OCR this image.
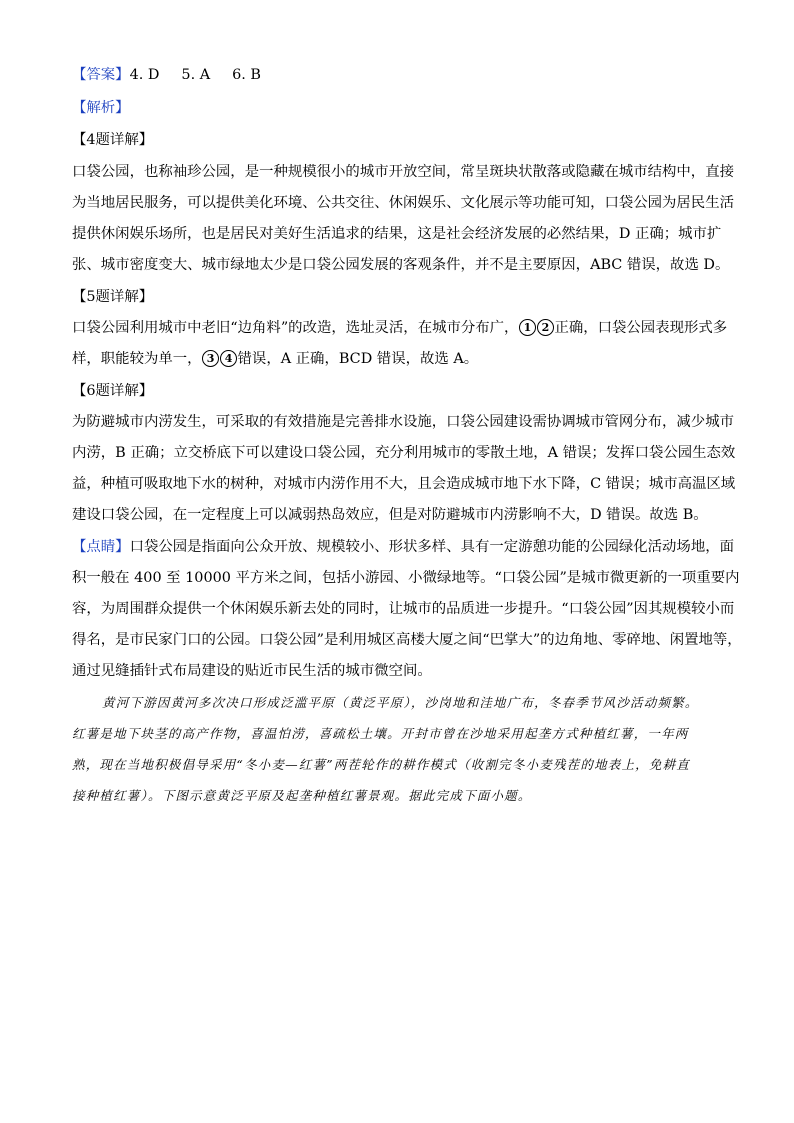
【答案】4. D 5. A 6. B
【解析】
【4题详解】
口袋公园，也称袖珍公园，是一种规模很小的城市开放空间，常呈斑块状散落或隐藏在城市结构中，直接
为当地居民服务，可以提供美化环境、公共交往、休闲娱乐、文化展示等功能可知，口袋公园为居民生活
提供休闲娱乐场所，也是居民对美好生活追求的结果，这是社会经济发展的必然结果，D 正确；城市扩
张、城市密度变大、城市绿地太少是口袋公园发展的客观条件，并不是主要原因，ABC 错误，故选 D。
【5题详解】
口袋公园利用城市中老旧“边角料”的改造，选址灵活，在城市分布广， 1 2 正确，口袋公园表现形式多
样，职能较为单一， 3 4 错误，A 正确，BCD 错误，故选 A。
【6题详解】
为防避城市内涝发生，可采取的有效措施是完善排水设施，口袋公园建设需协调城市管网分布，减少城市
内涝，B 正确；立交桥底下可以建设口袋公园，充分利用城市的零散土地，A 错误；发挥口袋公园生态效
益，种植可吸取地下水的树种，对城市内涝作用不大，且会造成城市地下水下降，C 错误；城市高温区域
建设口袋公园，在一定程度上可以减弱热岛效应，但是对防避城市内涝影响不大，D 错误。故选 B。
【点睛】口袋公园是指面向公众开放、规模较小、形状多样、具有一定游憩功能的公园绿化活动场地，面
积一般在 400 至 10000 平方米之间，包括小游园、小微绿地等。“口袋公园”是城市微更新的一项重要内
容，为周围群众提供一个休闲娱乐新去处的同时，让城市的品质进一步提升。“口袋公园”因其规模较小而
得名，是市民家门口的公园。口袋公园”是利用城区高楼大厦之间“巴掌大”的边角地、零碎地、闲置地等，
通过见缝插针式布局建设的贴近市民生活的城市微空间。
黄河下游因黄河多次决口形成泛滥平原（黄泛平原），沙岗地和洼地广布，冬春季节风沙活动频繁。
红薯是地下块茎的高产作物，喜温怕涝，喜疏松土壤。开封市曾在沙地采用起垄方式种植红薯，一年两
熟，现在当地积极倡导采用“冬小麦—红薯”两茬轮作的耕作模式（收割完冬小麦残茬的地表上，免耕直
接种植红薯）。下图示意黄泛平原及起垄种植红薯景观。据此完成下面小题。
